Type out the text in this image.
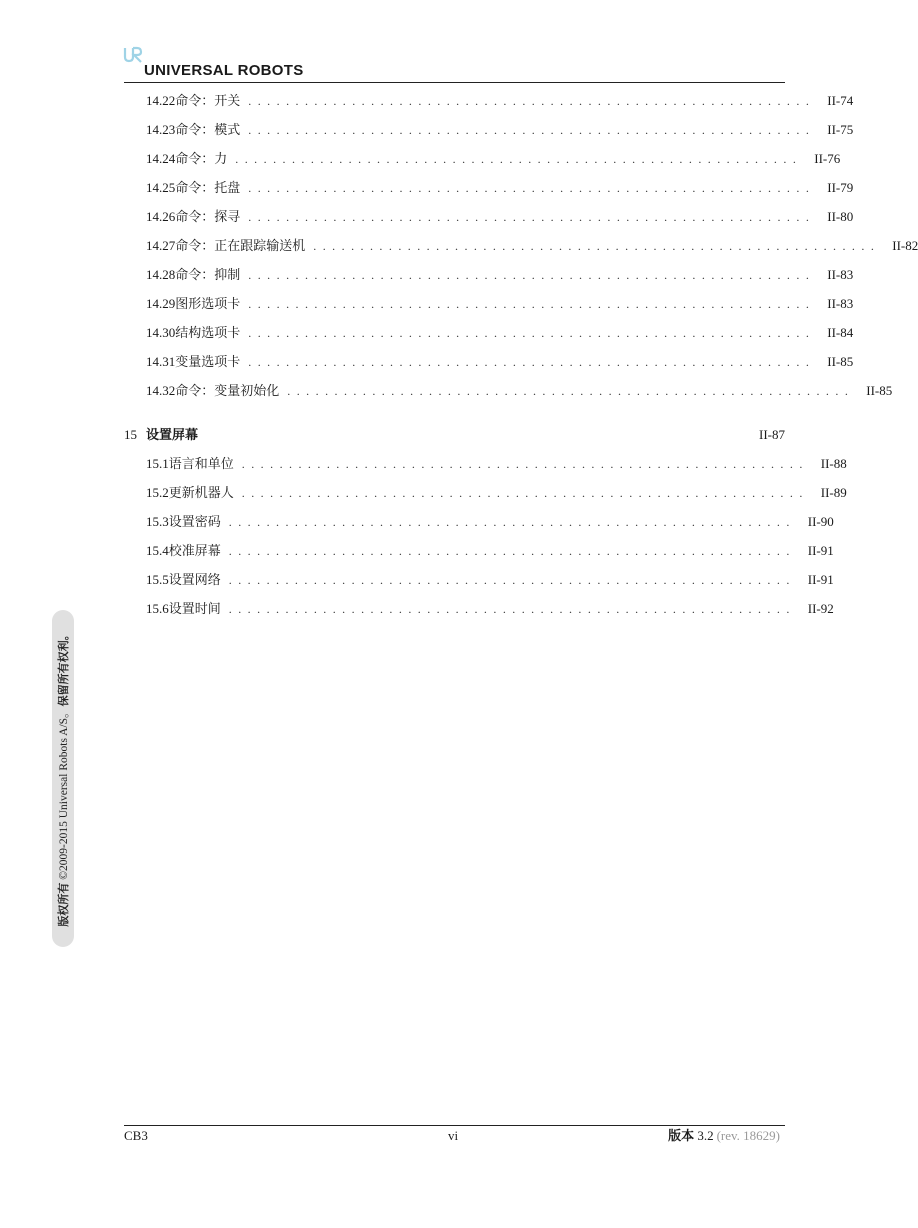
UNIVERSAL ROBOTS
14.22 命令：开关 ............................................................ II-74
14.23 命令：模式 ............................................................ II-75
14.24 命令：力 ............................................................ II-76
14.25 命令：托盘 ............................................................ II-79
14.26 命令：探寻 ............................................................ II-80
14.27 命令：正在跟踪输送机 ............................................................ II-82
14.28 命令：抑制 ............................................................ II-83
14.29 图形选项卡 ............................................................ II-83
14.30 结构选项卡 ............................................................ II-84
14.31 变量选项卡 ............................................................ II-85
14.32 命令：变量初始化 ............................................................ II-85
15 设置屏幕	II-87
15.1 语言和单位 ............................................................ II-88
15.2 更新机器人 ............................................................ II-89
15.3 设置密码 ............................................................ II-90
15.4 校准屏幕 ............................................................ II-91
15.5 设置网络 ............................................................ II-91
15.6 设置时间 ............................................................ II-92
版权所有 ©2009-2015 Universal Robots A/S。保留所有权利。
CB3	vi	版本 3.2 (rev. 18629)
